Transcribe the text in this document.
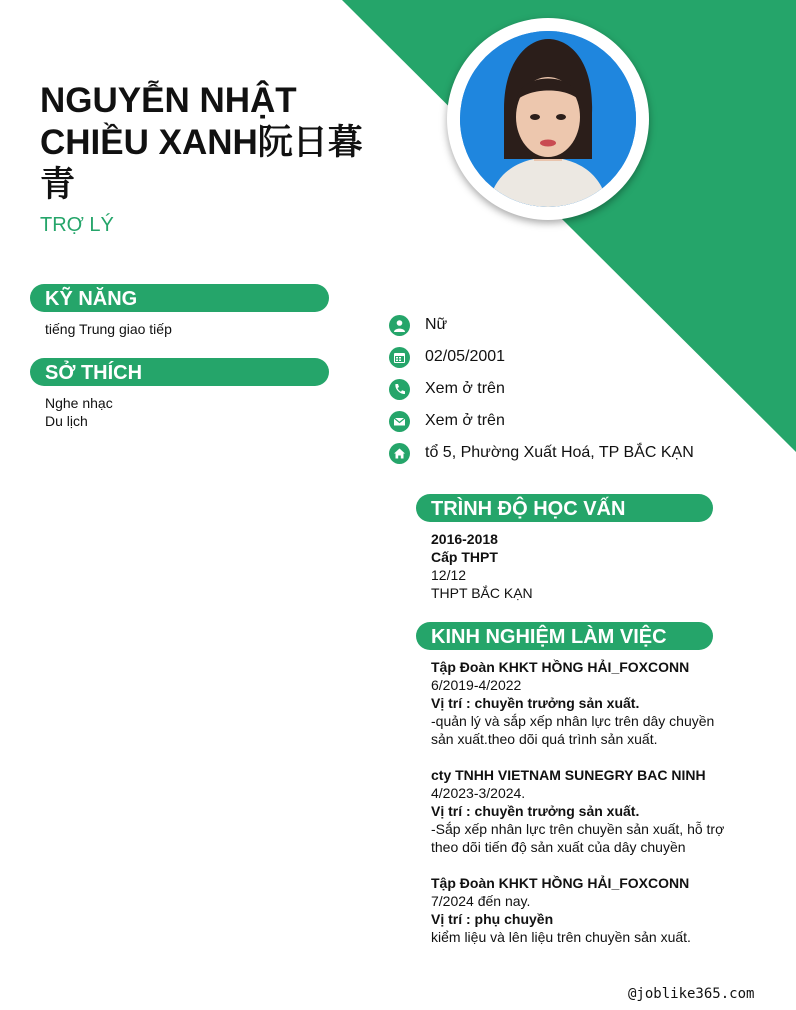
NGUYỄN NHẬT CHIỀU XANH阮日暮青
TRỢ LÝ
KỸ NĂNG
tiếng Trung giao tiếp
SỞ THÍCH
Nghe nhạc
Du lịch
Nữ
02/05/2001
Xem ở trên
Xem ở trên
tổ 5, Phường Xuất Hoá, TP BẮC KẠN
TRÌNH ĐỘ HỌC VẤN
2016-2018
Cấp THPT
12/12
THPT BẮC KẠN
KINH NGHIỆM LÀM VIỆC
Tập Đoàn KHKT HỒNG HẢI_FOXCONN
6/2019-4/2022
Vị trí : chuyền trưởng sản xuất.
-quản lý và sắp xếp nhân lực trên dây chuyền sản xuất.theo dõi quá trình sản xuất.
cty TNHH VIETNAM SUNEGRY BAC NINH
4/2023-3/2024.
Vị trí : chuyền trưởng sản xuất.
-Sắp xếp nhân lực trên chuyền sản xuất, hỗ trợ theo dõi tiến độ sản xuất của dây chuyền
Tập Đoàn KHKT HỒNG HẢI_FOXCONN
7/2024 đến nay.
Vị trí : phụ chuyền
kiểm liệu và lên liệu trên chuyền sản xuất.
@joblike365.com
